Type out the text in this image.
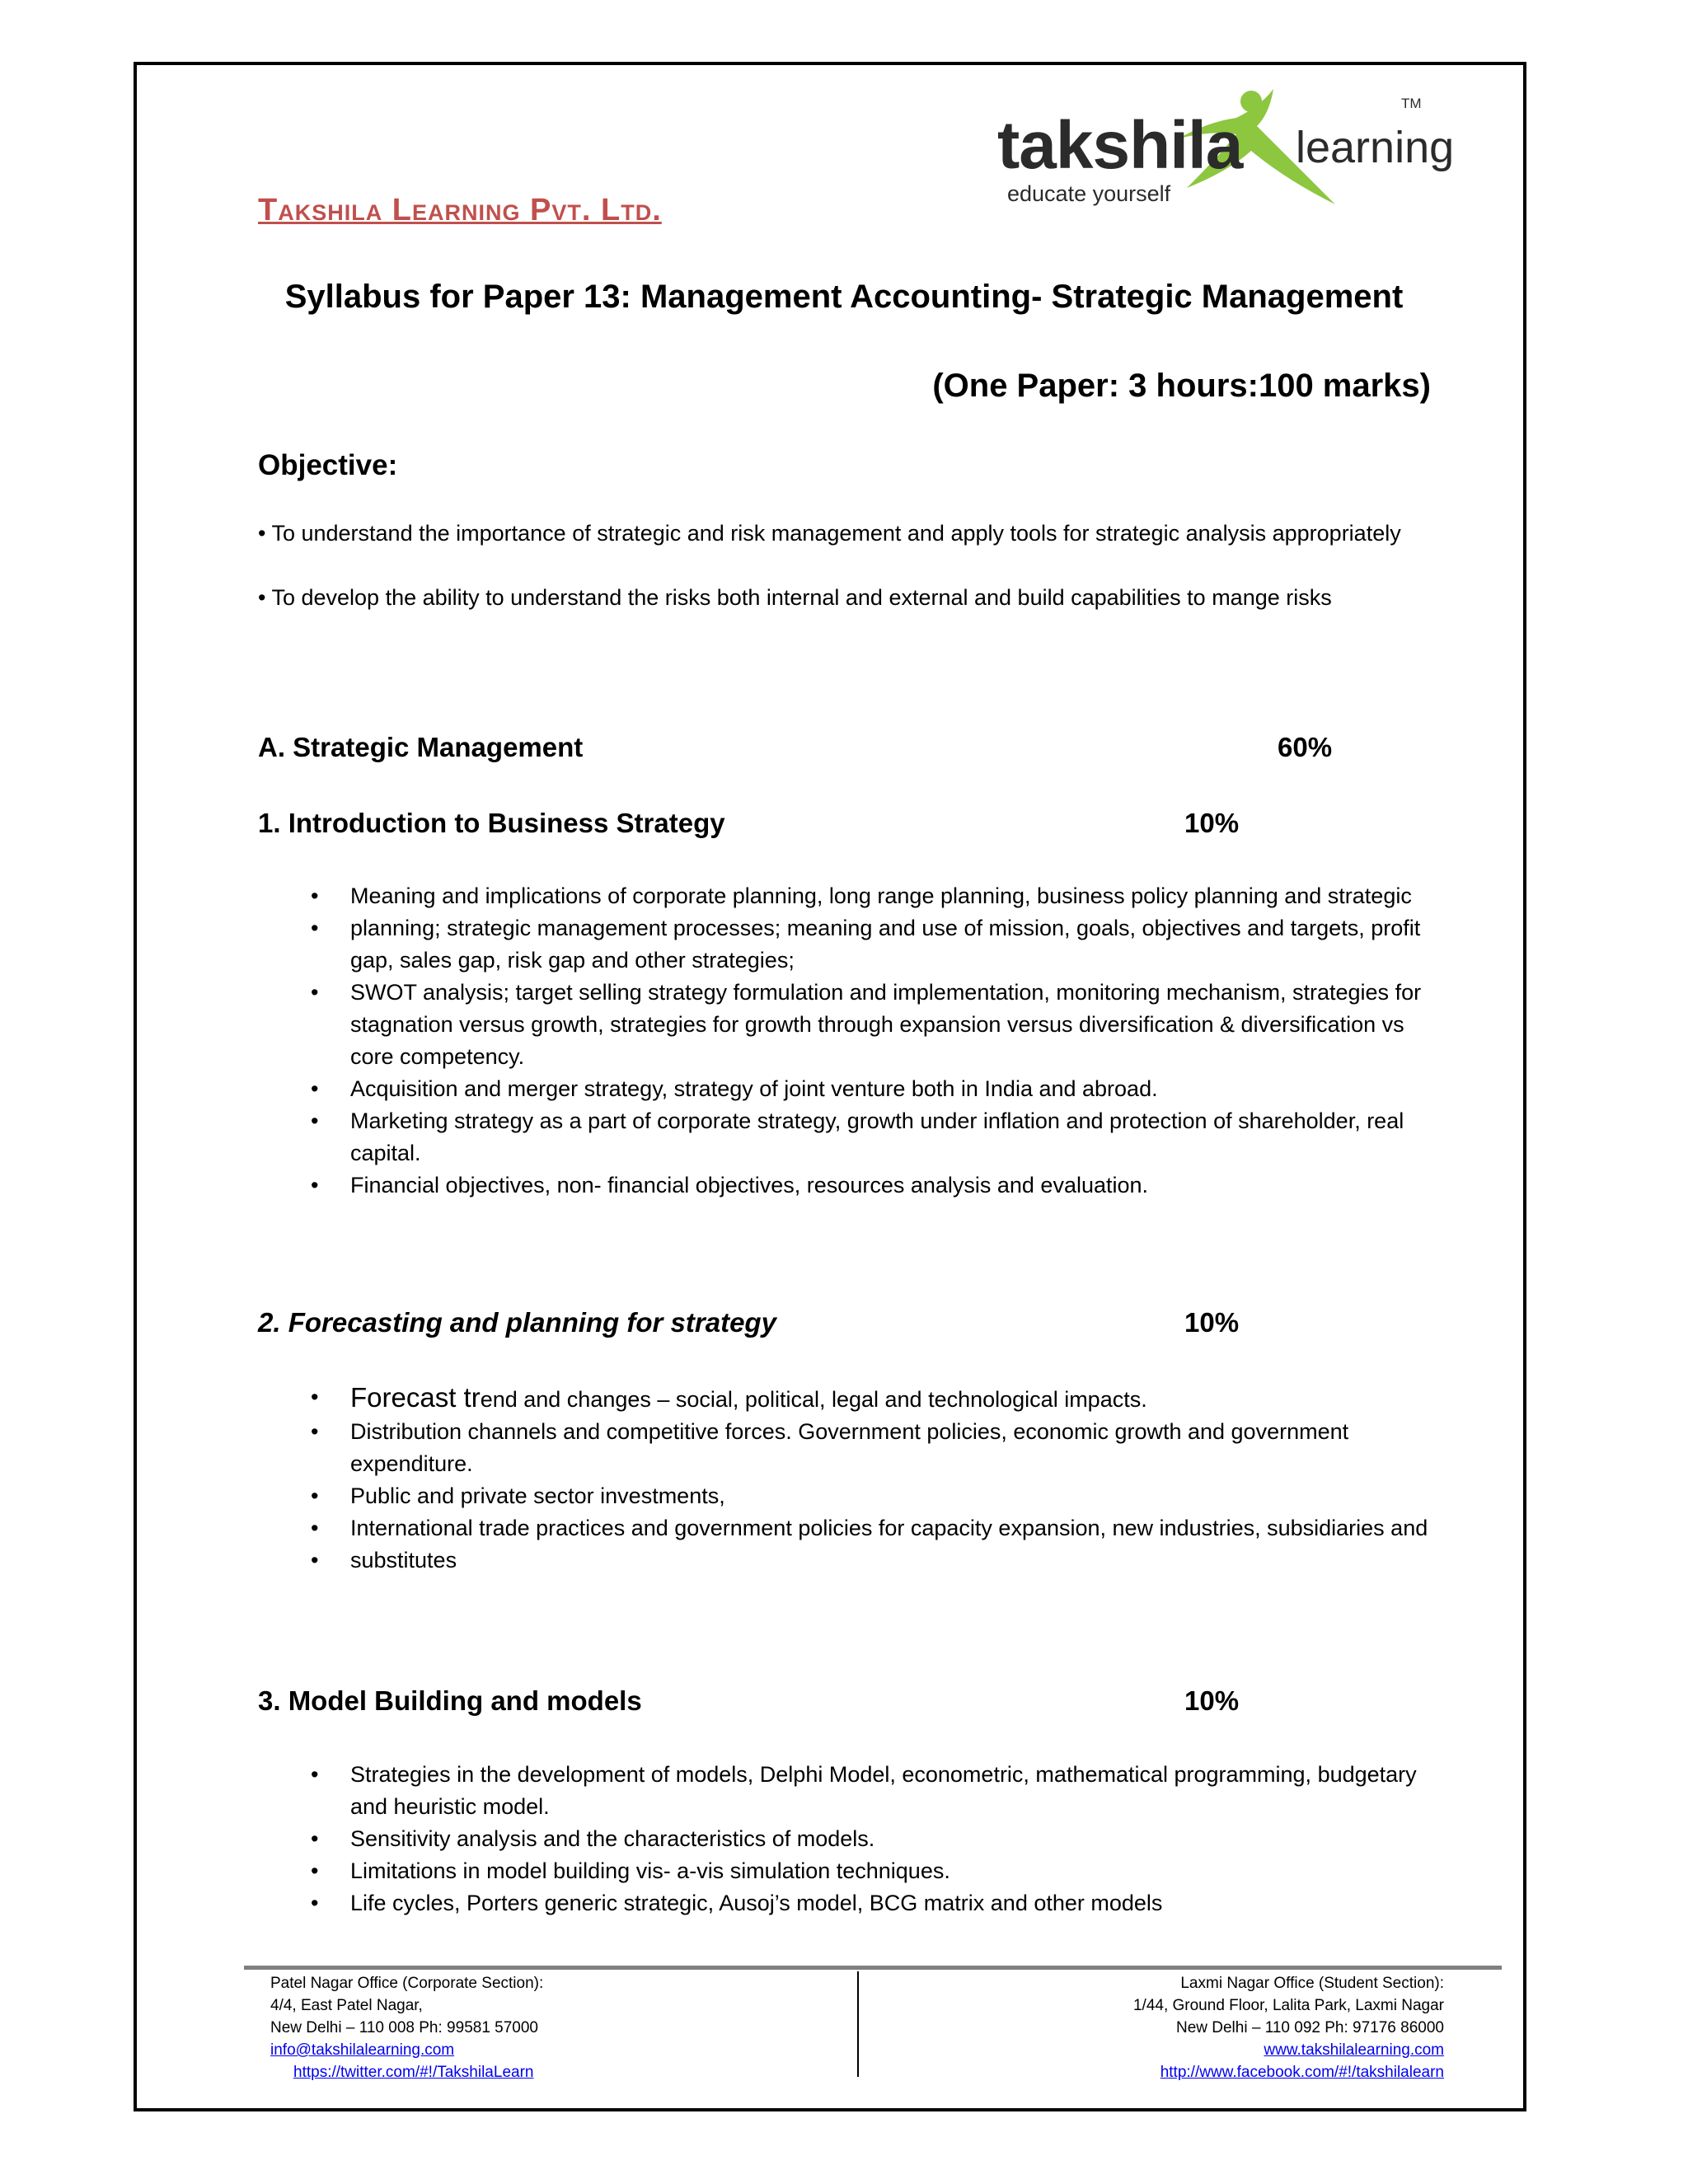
takshila
educate yourself
learning
TM
Takshila Learning Pvt. Ltd.
Syllabus for Paper 13: Management Accounting- Strategic Management
(One Paper: 3 hours:100 marks)
Objective:
• To understand the importance of strategic and risk management and apply tools for strategic analysis appropriately
• To develop the ability to understand the risks both internal and external and build capabilities to mange risks
A. Strategic Management	60%
1. Introduction to Business Strategy	10%
• Meaning and implications of corporate planning, long range planning, business policy planning and strategic
• planning; strategic management processes; meaning and use of mission, goals, objectives and targets, profit gap, sales gap, risk gap and other strategies;
• SWOT analysis; target selling strategy formulation and implementation, monitoring mechanism, strategies for stagnation versus growth, strategies for growth through expansion versus diversification & diversification vs core competency.
• Acquisition and merger strategy, strategy of joint venture both in India and abroad.
• Marketing strategy as a part of corporate strategy, growth under inflation and protection of shareholder, real capital.
• Financial objectives, non- financial objectives, resources analysis and evaluation.
2. Forecasting and planning for strategy	10%
• Forecast trend and changes – social, political, legal and technological impacts.
• Distribution channels and competitive forces. Government policies, economic growth and government expenditure.
• Public and private sector investments,
• International trade practices and government policies for capacity expansion, new industries, subsidiaries and
• substitutes
3. Model Building and models	10%
• Strategies in the development of models, Delphi Model, econometric, mathematical programming, budgetary and heuristic model.
• Sensitivity analysis and the characteristics of models.
• Limitations in model building vis- a-vis simulation techniques.
• Life cycles, Porters generic strategic, Ausoj’s model, BCG matrix and other models
Patel Nagar Office (Corporate Section):
4/4, East Patel Nagar,
New Delhi – 110 008 Ph: 99581 57000
info@takshilalearning.com
https://twitter.com/#!/TakshilaLearn
Laxmi Nagar Office (Student Section):
1/44, Ground Floor, Lalita Park, Laxmi Nagar
New Delhi – 110 092 Ph: 97176 86000
www.takshilalearning.com
http://www.facebook.com/#!/takshilalearn
